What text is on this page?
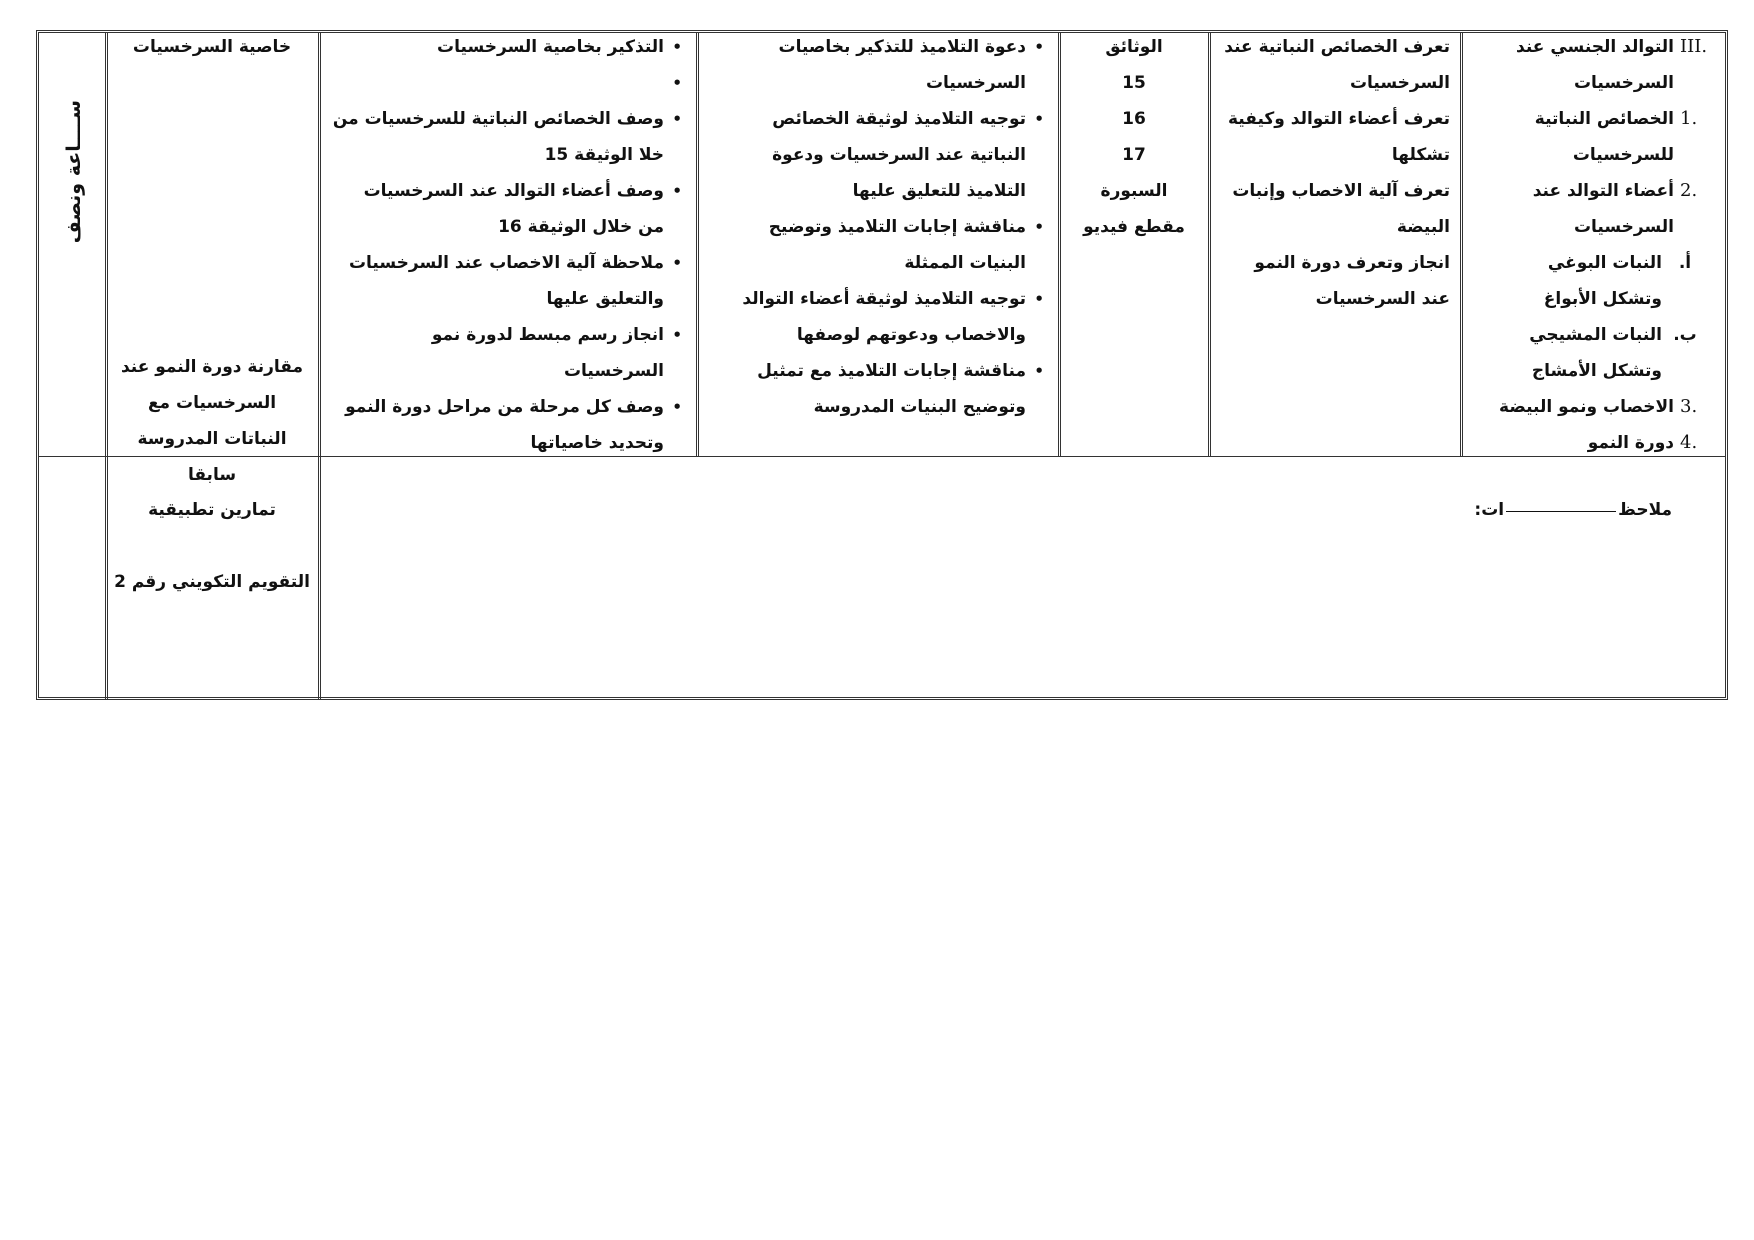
III.
التوالد الجنسي عند السرخسيات
1.
الخصائص النباتية للسرخسيات
2.
أعضاء التوالد عند السرخسيات
أ.
النبات البوغي وتشكل الأبواغ
ب.
النبات المشيجي وتشكل الأمشاج
3.
الاخصاب ونمو البيضة
4.
دورة النمو
تعرف الخصائص النباتية عند السرخسيات
تعرف أعضاء التوالد وكيفية تشكلها
تعرف آلية الاخصاب وإنبات البيضة
انجاز وتعرف دورة النمو عند السرخسيات
الوثائق
15
16
17
السبورة
مقطع فيديو
• دعوة التلاميذ للتذكير بخاصيات السرخسيات
• توجيه التلاميذ لوثيقة الخصائص النباتية عند السرخسيات ودعوة التلاميذ للتعليق عليها
• مناقشة إجابات التلاميذ وتوضيح البنيات الممثلة
• توجيه التلاميذ لوثيقة أعضاء التوالد والاخصاب ودعوتهم لوصفها
• مناقشة إجابات التلاميذ مع تمثيل وتوضيح البنيات المدروسة
• التذكير بخاصية السرخسيات
•
• وصف الخصائص النباتية للسرخسيات من خلا الوثيقة 15
• وصف أعضاء التوالد عند السرخسيات من خلال الوثيقة 16
• ملاحظة آلية الاخصاب عند السرخسيات والتعليق عليها
• انجاز رسم مبسط لدورة نمو السرخسيات
• وصف كل مرحلة من مراحل دورة النمو وتحديد خاصياتها
خاصية السرخسيات
مقارنة دورة النمو عند السرخسيات مع النباتات المدروسة سابقا
ســــاعة ونصف
ملاحظات:
تمارين تطبيقية
التقويم التكويني رقم 2
